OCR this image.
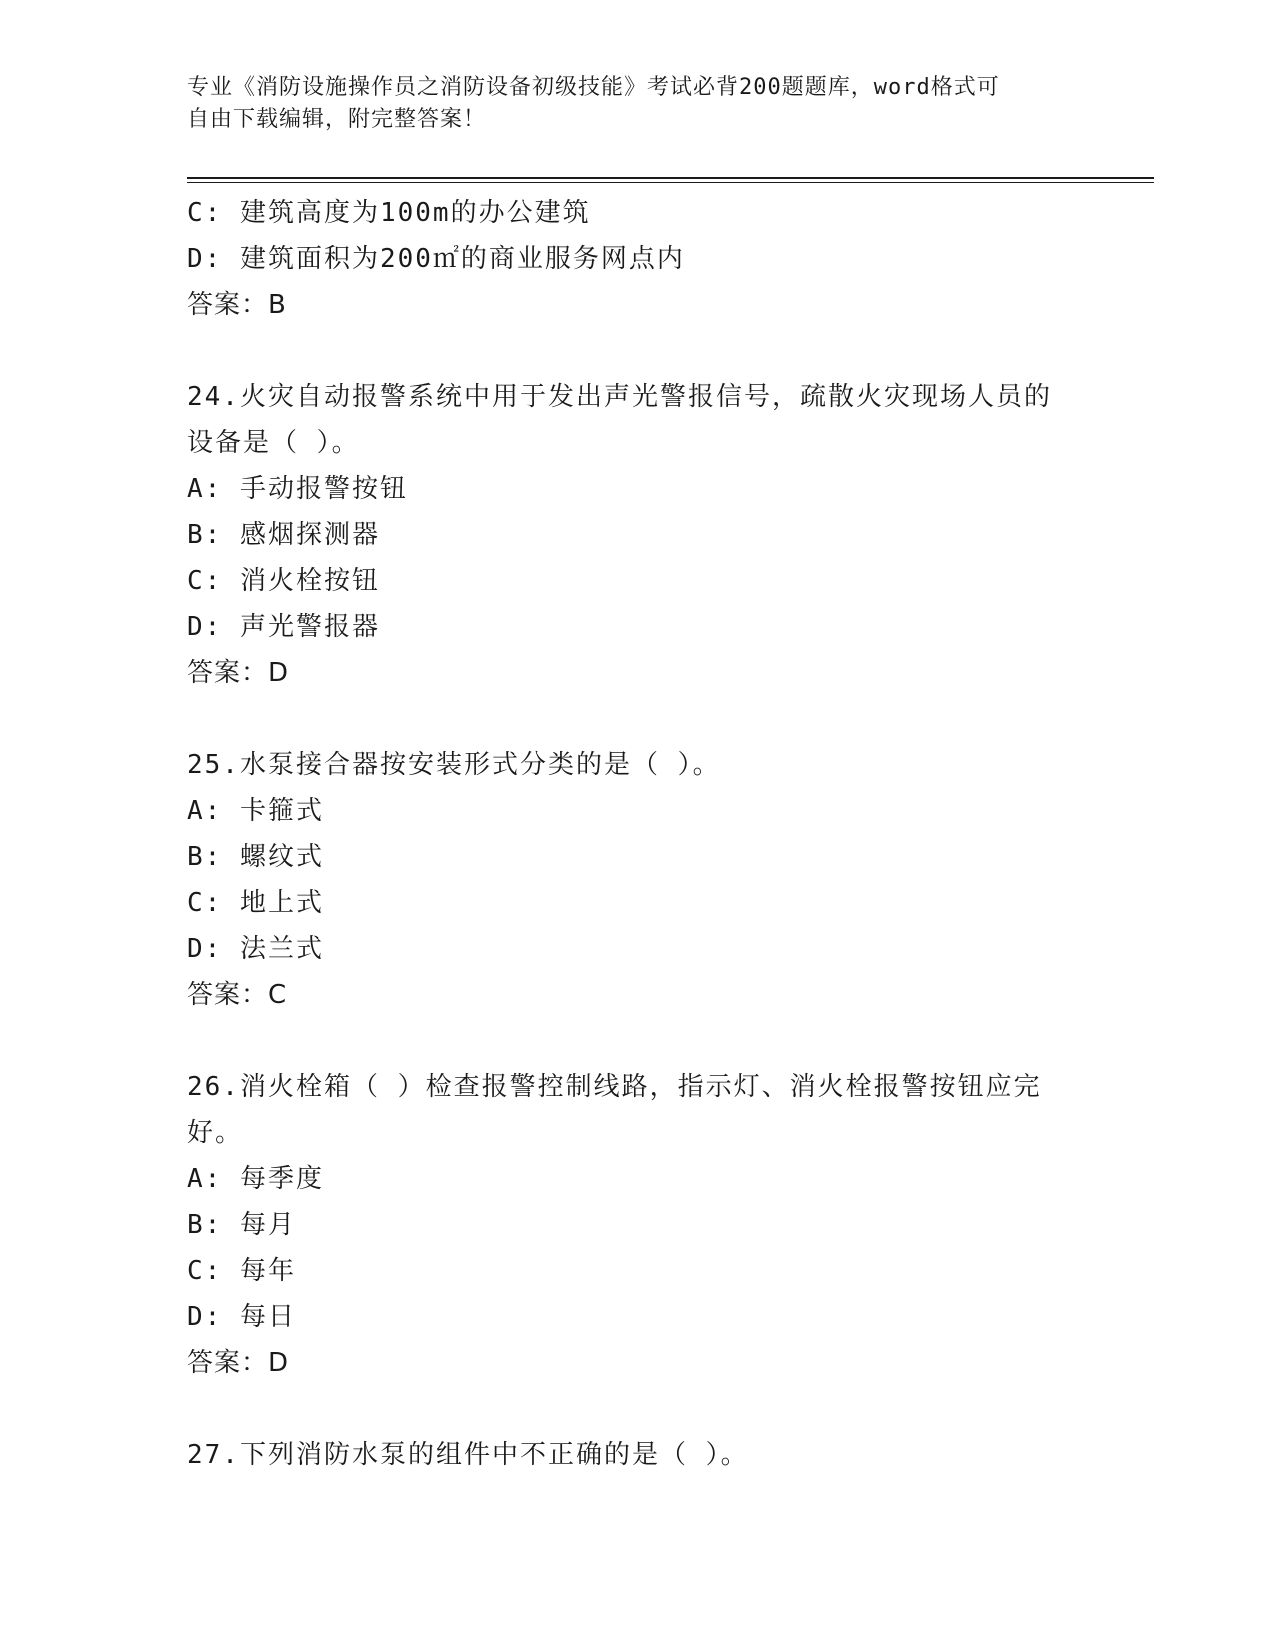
专业《消防设施操作员之消防设备初级技能》考试必背200题题库，word格式可
自由下载编辑，附完整答案！
C: 建筑高度为100m的办公建筑
D: 建筑面积为200㎡的商业服务网点内
答案：B
24.火灾自动报警系统中用于发出声光警报信号，疏散火灾现场人员的
设备是（ ）。
A: 手动报警按钮
B: 感烟探测器
C: 消火栓按钮
D: 声光警报器
答案：D
25.水泵接合器按安装形式分类的是（ ）。
A: 卡箍式
B: 螺纹式
C: 地上式
D: 法兰式
答案：C
26.消火栓箱（ ）检查报警控制线路，指示灯、消火栓报警按钮应完
好。
A: 每季度
B: 每月
C: 每年
D: 每日
答案：D
27.下列消防水泵的组件中不正确的是（ ）。
